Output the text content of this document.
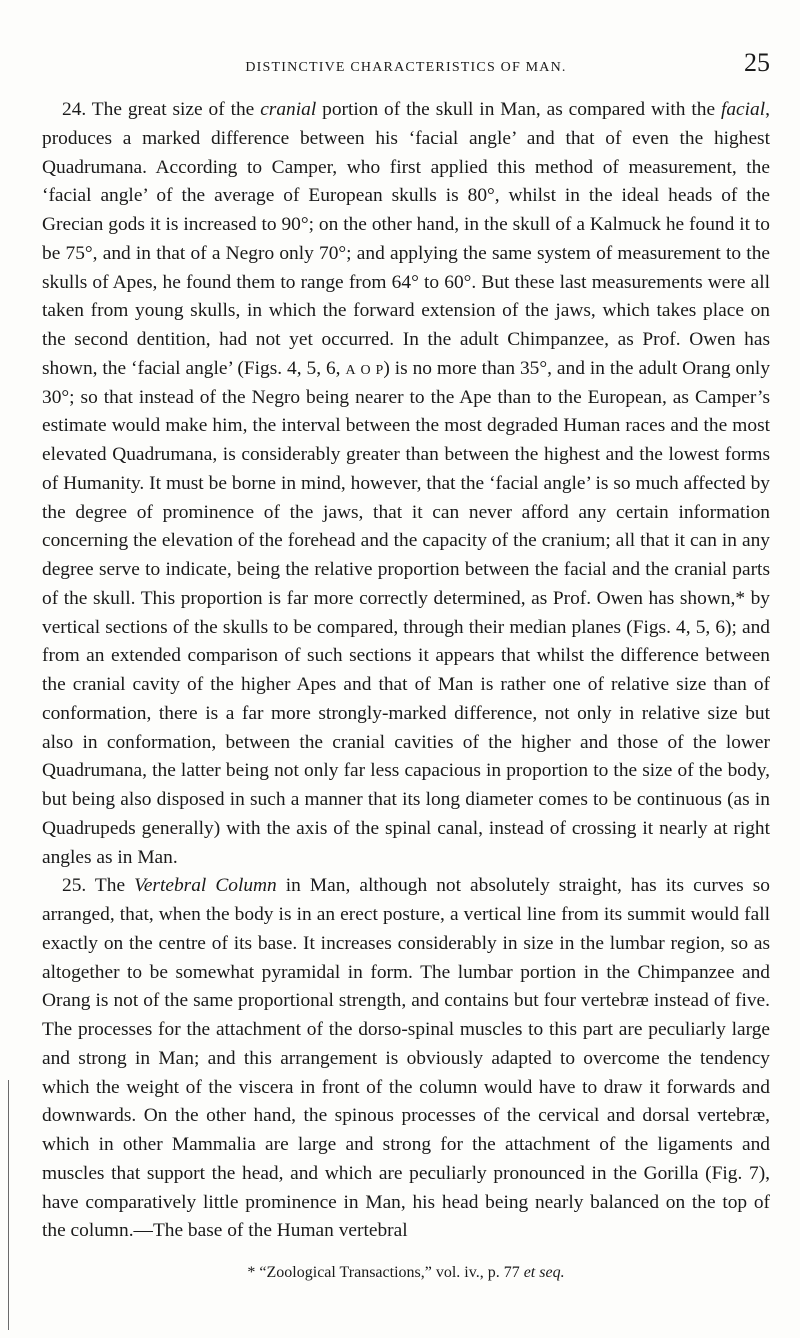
DISTINCTIVE CHARACTERISTICS OF MAN.	25

24. The great size of the cranial portion of the skull in Man, as compared with the facial, produces a marked difference between his ‘facial angle’ and that of even the highest Quadrumana. According to Camper, who first applied this method of measurement, the ‘facial angle’ of the average of European skulls is 80°, whilst in the ideal heads of the Grecian gods it is increased to 90°; on the other hand, in the skull of a Kalmuck he found it to be 75°, and in that of a Negro only 70°; and applying the same system of measurement to the skulls of Apes, he found them to range from 64° to 60°. But these last measurements were all taken from young skulls, in which the forward extension of the jaws, which takes place on the second dentition, had not yet occurred. In the adult Chimpanzee, as Prof. Owen has shown, the ‘facial angle’ (Figs. 4, 5, 6, a o p) is no more than 35°, and in the adult Orang only 30°; so that instead of the Negro being nearer to the Ape than to the European, as Camper’s estimate would make him, the interval between the most degraded Human races and the most elevated Quadrumana, is considerably greater than between the highest and the lowest forms of Humanity. It must be borne in mind, however, that the ‘facial angle’ is so much affected by the degree of prominence of the jaws, that it can never afford any certain information concerning the elevation of the forehead and the capacity of the cranium; all that it can in any degree serve to indicate, being the relative proportion between the facial and the cranial parts of the skull. This proportion is far more correctly determined, as Prof. Owen has shown,* by vertical sections of the skulls to be compared, through their median planes (Figs. 4, 5, 6); and from an extended comparison of such sections it appears that whilst the difference between the cranial cavity of the higher Apes and that of Man is rather one of relative size than of conformation, there is a far more strongly-marked difference, not only in relative size but also in conformation, between the cranial cavities of the higher and those of the lower Quadrumana, the latter being not only far less capacious in proportion to the size of the body, but being also disposed in such a manner that its long diameter comes to be continuous (as in Quadrupeds generally) with the axis of the spinal canal, instead of crossing it nearly at right angles as in Man.

25. The Vertebral Column in Man, although not absolutely straight, has its curves so arranged, that, when the body is in an erect posture, a vertical line from its summit would fall exactly on the centre of its base. It increases considerably in size in the lumbar region, so as altogether to be somewhat pyramidal in form. The lumbar portion in the Chimpanzee and Orang is not of the same proportional strength, and contains but four vertebræ instead of five. The processes for the attachment of the dorso-spinal muscles to this part are peculiarly large and strong in Man; and this arrangement is obviously adapted to overcome the tendency which the weight of the viscera in front of the column would have to draw it forwards and downwards. On the other hand, the spinous processes of the cervical and dorsal vertebræ, which in other Mammalia are large and strong for the attachment of the ligaments and muscles that support the head, and which are peculiarly pronounced in the Gorilla (Fig. 7), have comparatively little prominence in Man, his head being nearly balanced on the top of the column.—The base of the Human vertebral

* “Zoological Transactions,” vol. iv., p. 77 et seq.
